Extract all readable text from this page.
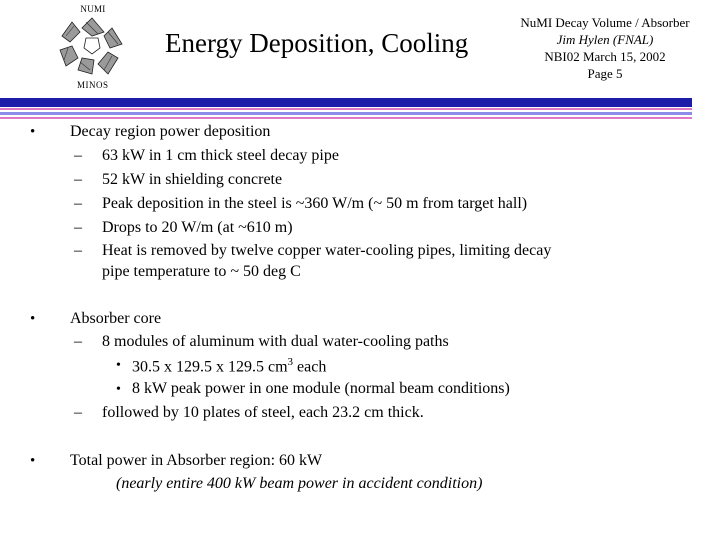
NUMI
MINOS
Energy Deposition, Cooling
NuMI Decay Volume / Absorber
Jim Hylen (FNAL)
NBI02 March 15, 2002
Page 5
• Decay region power deposition
– 63 kW in 1 cm thick steel decay pipe
– 52 kW in shielding concrete
– Peak deposition in the steel is ~360 W/m (~ 50 m from target hall)
– Drops to 20 W/m (at ~610 m)
– Heat is removed by twelve copper water-cooling pipes, limiting decay
pipe temperature to ~ 50 deg C
• Absorber core
– 8 modules of aluminum with dual water-cooling paths
• 30.5 x 129.5 x 129.5 $cm^3$ each
• 8 kW peak power in one module (normal beam conditions)
– followed by 10 plates of steel, each 23.2 cm thick.
• Total power in Absorber region: 60 kW
(nearly entire 400 kW beam power in accident condition)
